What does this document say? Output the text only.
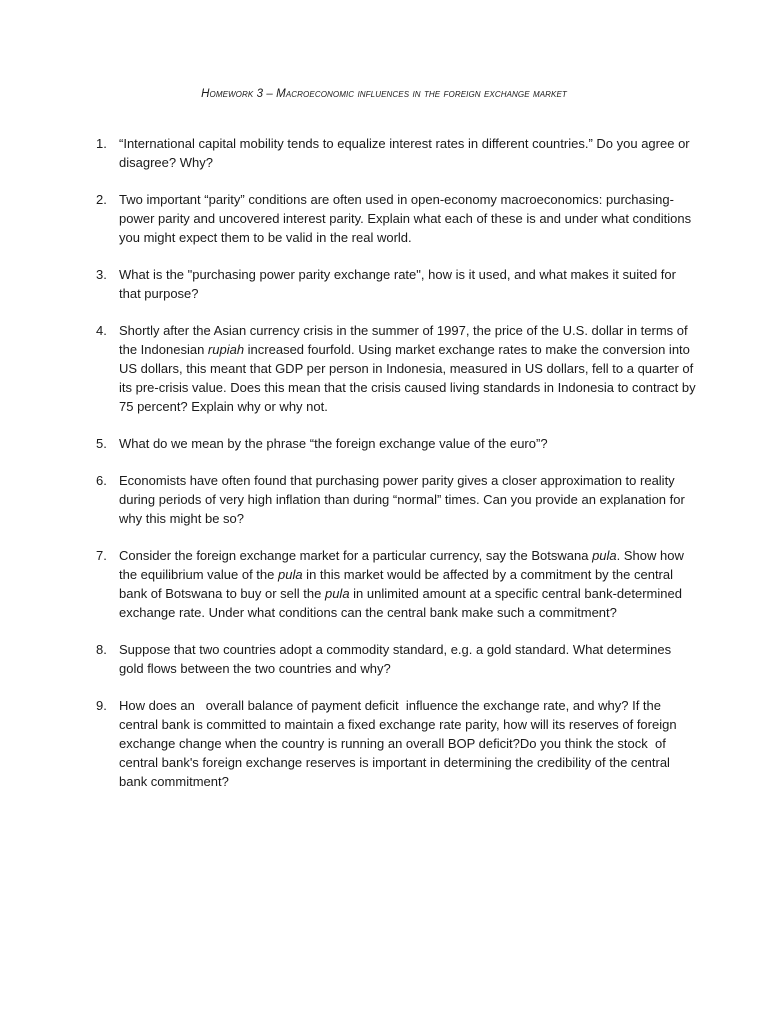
Homework 3 – Macroeconomic influences in the foreign exchange market
1. “International capital mobility tends to equalize interest rates in different countries.” Do you agree or disagree? Why?
2. Two important “parity” conditions are often used in open-economy macroeconomics: purchasing-power parity and uncovered interest parity. Explain what each of these is and under what conditions you might expect them to be valid in the real world.
3. What is the "purchasing power parity exchange rate", how is it used, and what makes it suited for that purpose?
4. Shortly after the Asian currency crisis in the summer of 1997, the price of the U.S. dollar in terms of the Indonesian rupiah increased fourfold. Using market exchange rates to make the conversion into US dollars, this meant that GDP per person in Indonesia, measured in US dollars, fell to a quarter of its pre-crisis value. Does this mean that the crisis caused living standards in Indonesia to contract by 75 percent? Explain why or why not.
5. What do we mean by the phrase “the foreign exchange value of the euro”?
6. Economists have often found that purchasing power parity gives a closer approximation to reality during periods of very high inflation than during “normal” times. Can you provide an explanation for why this might be so?
7. Consider the foreign exchange market for a particular currency, say the Botswana pula. Show how the equilibrium value of the pula in this market would be affected by a commitment by the central bank of Botswana to buy or sell the pula in unlimited amount at a specific central bank-determined exchange rate. Under what conditions can the central bank make such a commitment?
8. Suppose that two countries adopt a commodity standard, e.g. a gold standard. What determines gold flows between the two countries and why?
9. How does an   overall balance of payment deficit  influence the exchange rate, and why? If the central bank is committed to maintain a fixed exchange rate parity, how will its reserves of foreign exchange change when the country is running an overall BOP deficit?Do you think the stock  of central bank's foreign exchange reserves is important in determining the credibility of the central bank commitment?
